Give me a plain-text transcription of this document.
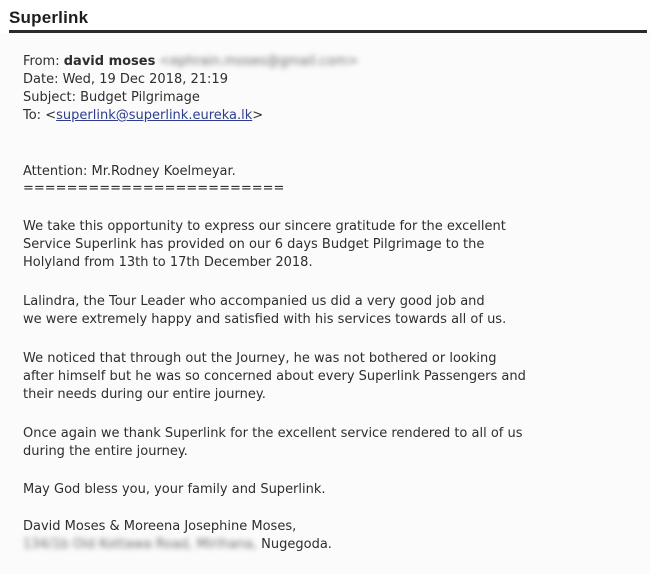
Superlink
From: david moses <ephrain.moses@gmail.com>
Date: Wed, 19 Dec 2018, 21:19
Subject: Budget Pilgrimage
To: <superlink@superlink.eureka.lk>
Attention: Mr.Rodney Koelmeyar.
========================
We take this opportunity to express our sincere gratitude for the excellent
Service Superlink has provided on our 6 days Budget Pilgrimage to the
Holyland from 13th to 17th December 2018.
Lalindra, the Tour Leader who accompanied us did a very good job and
we were extremely happy and satisfied with his services towards all of us.
We noticed that through out the Journey, he was not bothered or looking
after himself but he was so concerned about every Superlink Passengers and
their needs during our entire journey.
Once again we thank Superlink for the excellent service rendered to all of us
during the entire journey.
May God bless you, your family and Superlink.
David Moses & Moreena Josephine Moses,
134/1b Old Kottawa Road, Mirihana, Nugegoda.
